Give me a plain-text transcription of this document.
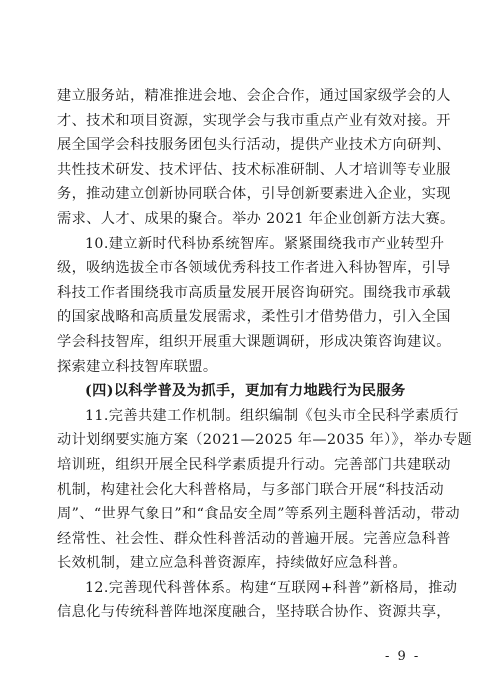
建立服务站，精准推进会地、会企合作，通过国家级学会的人
才、技术和项目资源，实现学会与我市重点产业有效对接。开
展全国学会科技服务团包头行活动，提供产业技术方向研判、
共性技术研发、技术评估、技术标准研制、人才培训等专业服
务，推动建立创新协同联合体，引导创新要素进入企业，实现
需求、人才、成果的聚合。举办 2021 年企业创新方法大赛。
10.建立新时代科协系统智库。紧紧围绕我市产业转型升
级，吸纳选拔全市各领域优秀科技工作者进入科协智库，引导
科技工作者围绕我市高质量发展开展咨询研究。围绕我市承载
的国家战略和高质量发展需求，柔性引才借势借力，引入全国
学会科技智库，组织开展重大课题调研，形成决策咨询建议。
探索建立科技智库联盟。
(四)以科学普及为抓手，更加有力地践行为民服务
11.完善共建工作机制。组织编制《包头市全民科学素质行
动计划纲要实施方案（2021—2025 年—2035 年）》，举办专题
培训班，组织开展全民科学素质提升行动。完善部门共建联动
机制，构建社会化大科普格局，与多部门联合开展“科技活动
周”、“世界气象日”和“食品安全周”等系列主题科普活动，带动
经常性、社会性、群众性科普活动的普遍开展。完善应急科普
长效机制，建立应急科普资源库，持续做好应急科普。
12.完善现代科普体系。构建“互联网+科普”新格局，推动
信息化与传统科普阵地深度融合，坚持联合协作、资源共享，
- 9 -
